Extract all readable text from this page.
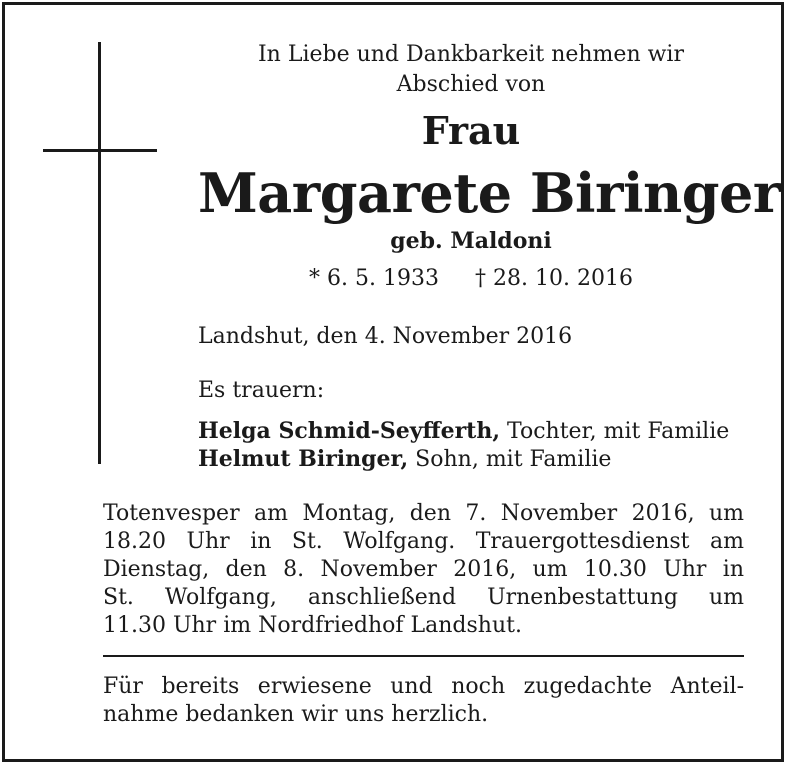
In Liebe und Dankbarkeit nehmen wir
Abschied von
Frau
Margarete Biringer
geb. Maldoni
* 6. 5. 1933 † 28. 10. 2016
Landshut, den 4. November 2016
Es trauern:
Helga Schmid-Seyfferth, Tochter, mit Familie
Helmut Biringer, Sohn, mit Familie
Totenvesper am Montag, den 7. November 2016, um
18.20 Uhr in St. Wolfgang. Trauergottesdienst am
Dienstag, den 8. November 2016, um 10.30 Uhr in
St. Wolfgang, anschließend Urnenbestattung um
11.30 Uhr im Nordfriedhof Landshut.
Für bereits erwiesene und noch zugedachte Anteil-
nahme bedanken wir uns herzlich.
